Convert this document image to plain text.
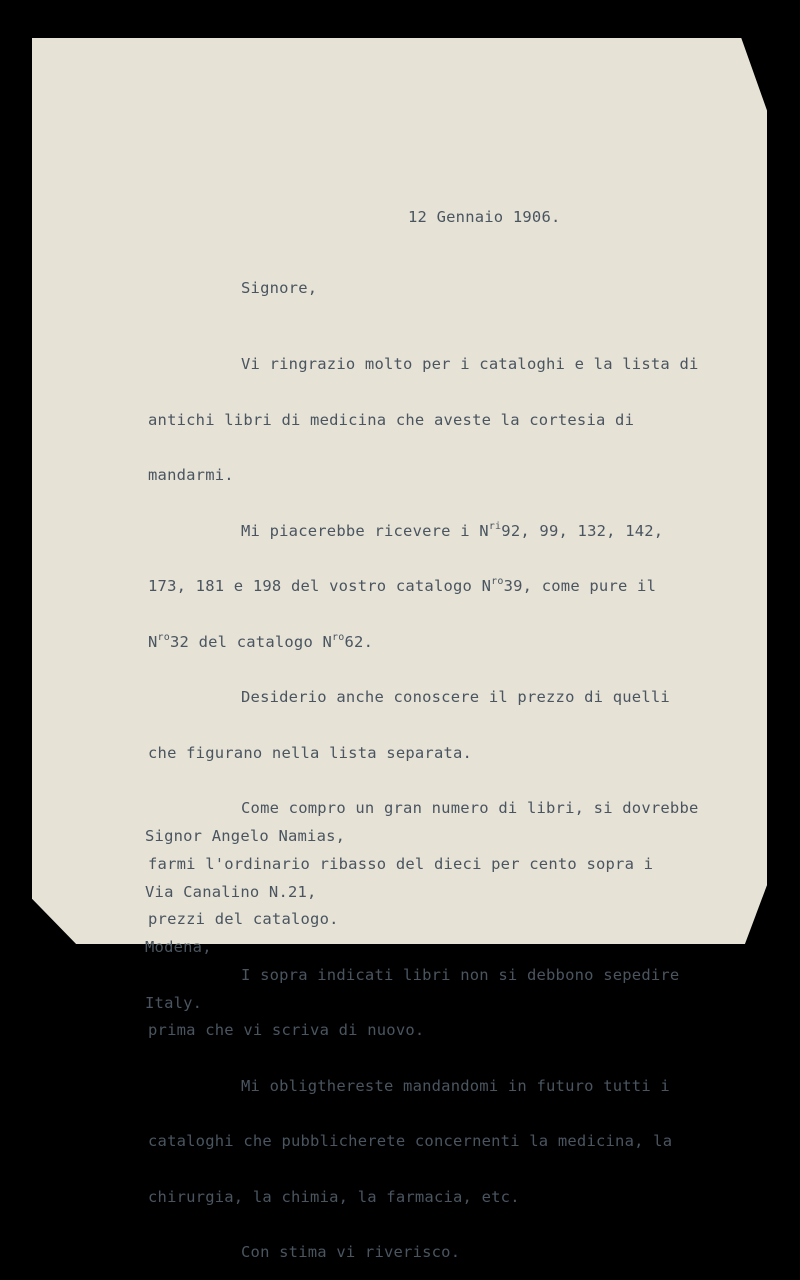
12 Gennaio 1906.

Signore,

Vi ringrazio molto per i cataloghi e la lista di

antichi libri di medicina che aveste la cortesia di

mandarmi.

Mi piacerebbe ricevere i $N^{ri}92$, 99, 132, 142,

173, 181 e 198 del vostro catalogo $N^{ro}39$, come pure il

$N^{ro}32$ del catalogo $N^{ro}62$.

Desiderio anche conoscere il prezzo di quelli

che figurano nella lista separata.

Come compro un gran numero di libri, si dovrebbe

farmi l'ordinario ribasso del dieci per cento sopra i

prezzi del catalogo.

I sopra indicati libri non si debbono sepedire

prima che vi scriva di nuovo.

Mi obligthereste mandandomi in futuro tutti i

cataloghi che pubblicherete concernenti la medicina, la

chirurgia, la chimia, la farmacia, etc.

Con stima vi riverisco.

Signor Angelo Namias,

Via Canalino N.21,

Modena,

Italy.
